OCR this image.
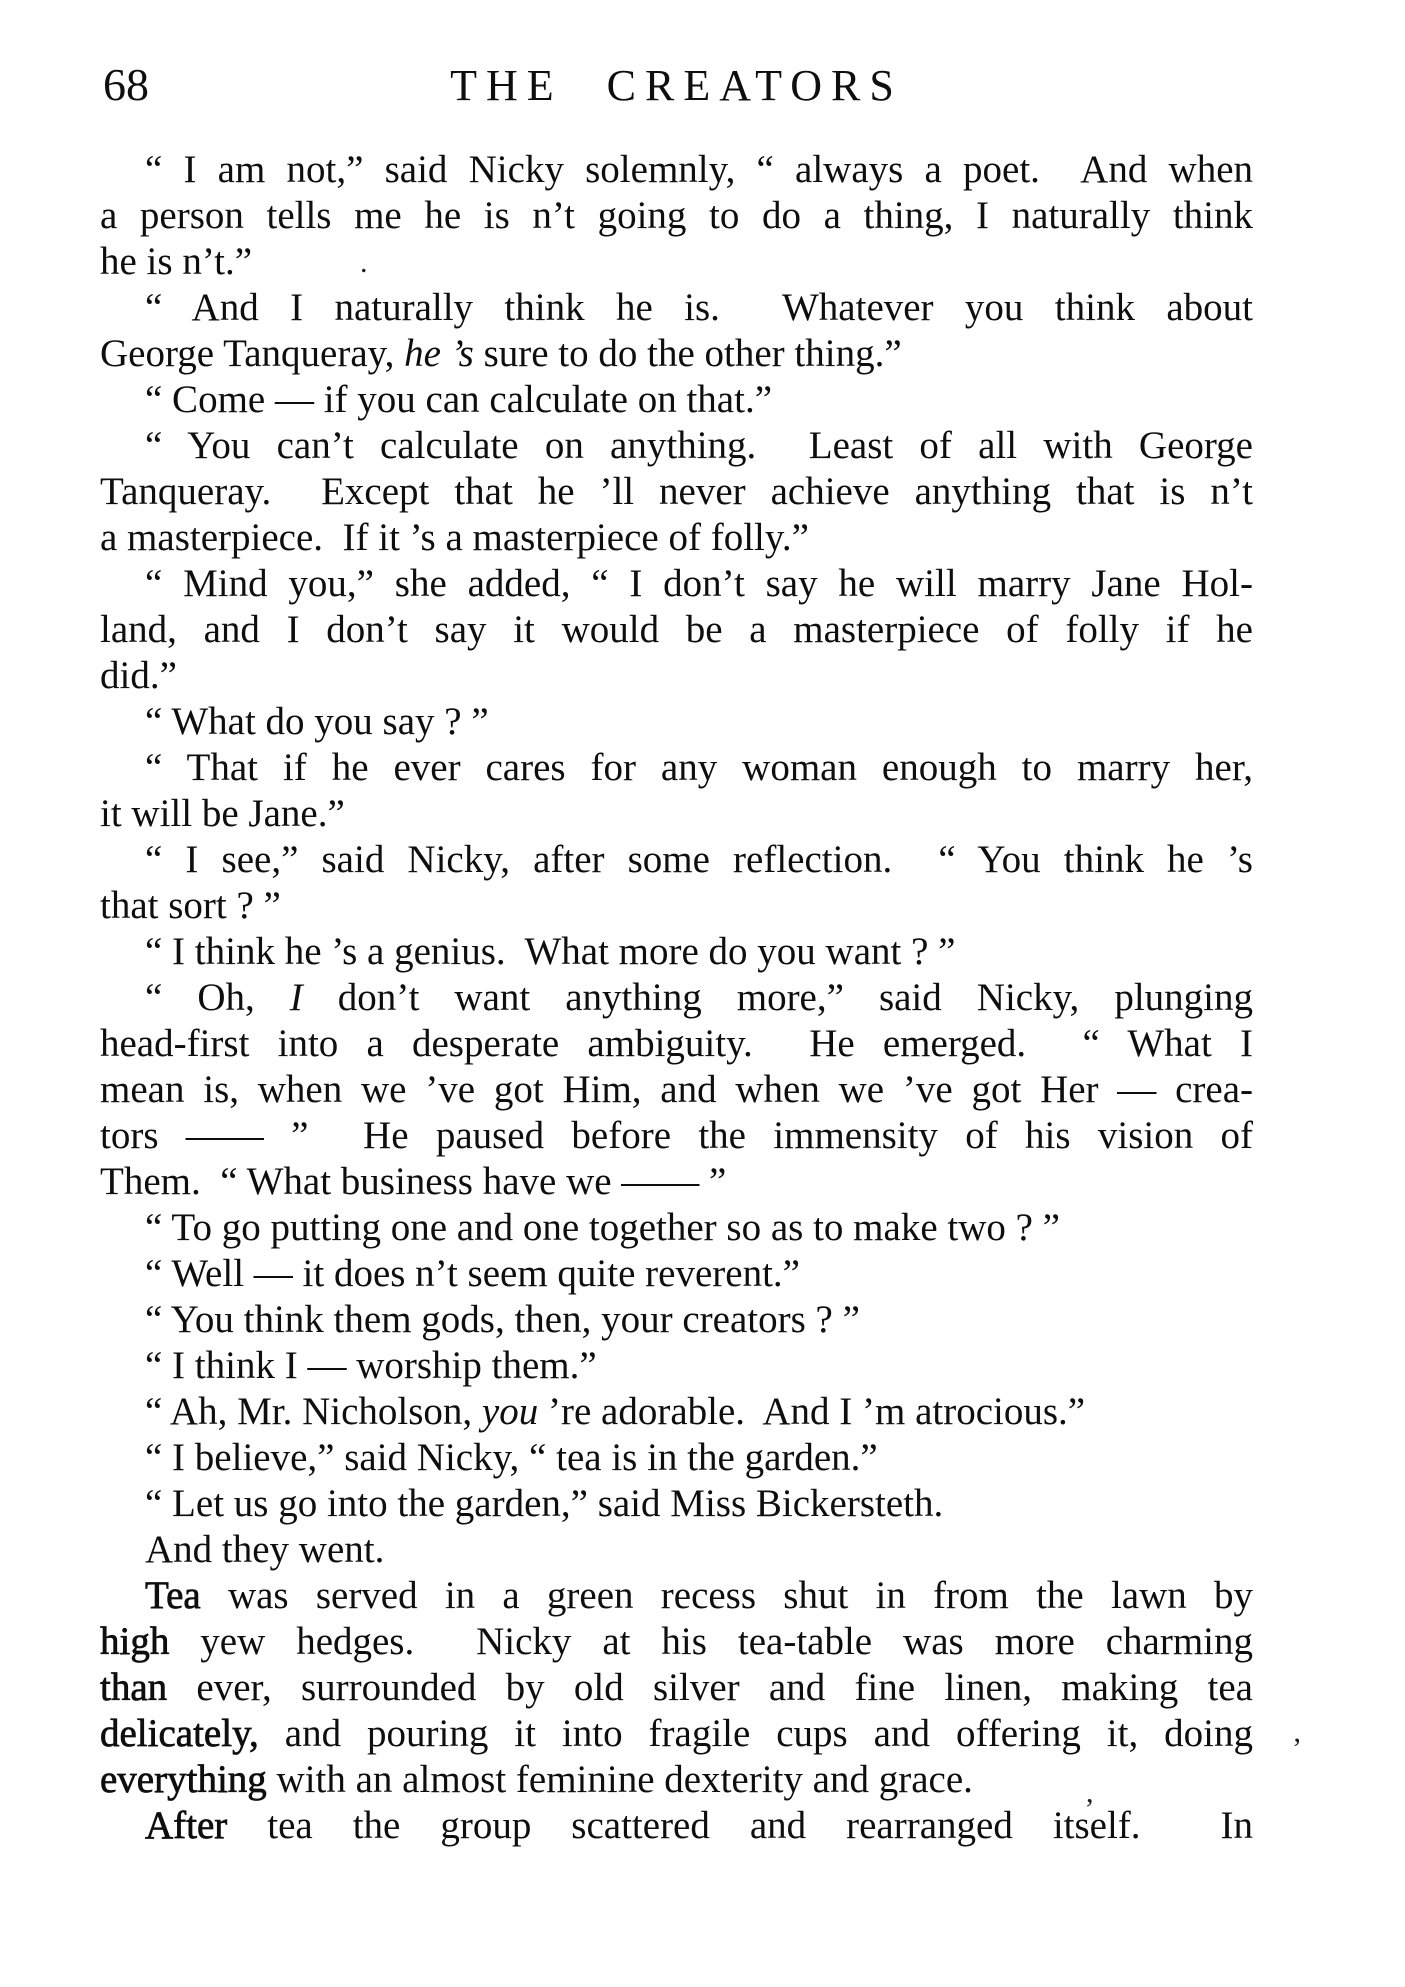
68	THE CREATORS
“ I am not,” said Nicky solemnly, “ always a poet.  And when
a person tells me he is n’t going to do a thing, I naturally think
he is n’t.”
“ And I naturally think he is.  Whatever you think about
George Tanqueray, he ’s sure to do the other thing.”
“ Come — if you can calculate on that.”
“ You can’t calculate on anything.  Least of all with George
Tanqueray.  Except that he ’ll never achieve anything that is n’t
a masterpiece.  If it ’s a masterpiece of folly.”
“ Mind you,” she added, “ I don’t say he will marry Jane Hol-
land, and I don’t say it would be a masterpiece of folly if he
did.”
“ What do you say ? ”
“ That if he ever cares for any woman enough to marry her,
it will be Jane.”
“ I see,” said Nicky, after some reflection.  “ You think he ’s
that sort ? ”
“ I think he ’s a genius.  What more do you want ? ”
“ Oh, I don’t want anything more,” said Nicky, plunging
head-first into a desperate ambiguity.  He emerged.  “ What I
mean is, when we ’ve got Him, and when we ’ve got Her — crea-
tors —— ”  He paused before the immensity of his vision of
Them.  “ What business have we —— ”
“ To go putting one and one together so as to make two ? ”
“ Well — it does n’t seem quite reverent.”
“ You think them gods, then, your creators ? ”
“ I think I — worship them.”
“ Ah, Mr. Nicholson, you ’re adorable.  And I ’m atrocious.”
“ I believe,” said Nicky, “ tea is in the garden.”
“ Let us go into the garden,” said Miss Bickersteth.
And they went.
Tea was served in a green recess shut in from the lawn by
high yew hedges.  Nicky at his tea-table was more charming
than ever, surrounded by old silver and fine linen, making tea
delicately, and pouring it into fragile cups and offering it, doing
everything with an almost feminine dexterity and grace.
After tea the group scattered and rearranged itself.  In
.
,
’
